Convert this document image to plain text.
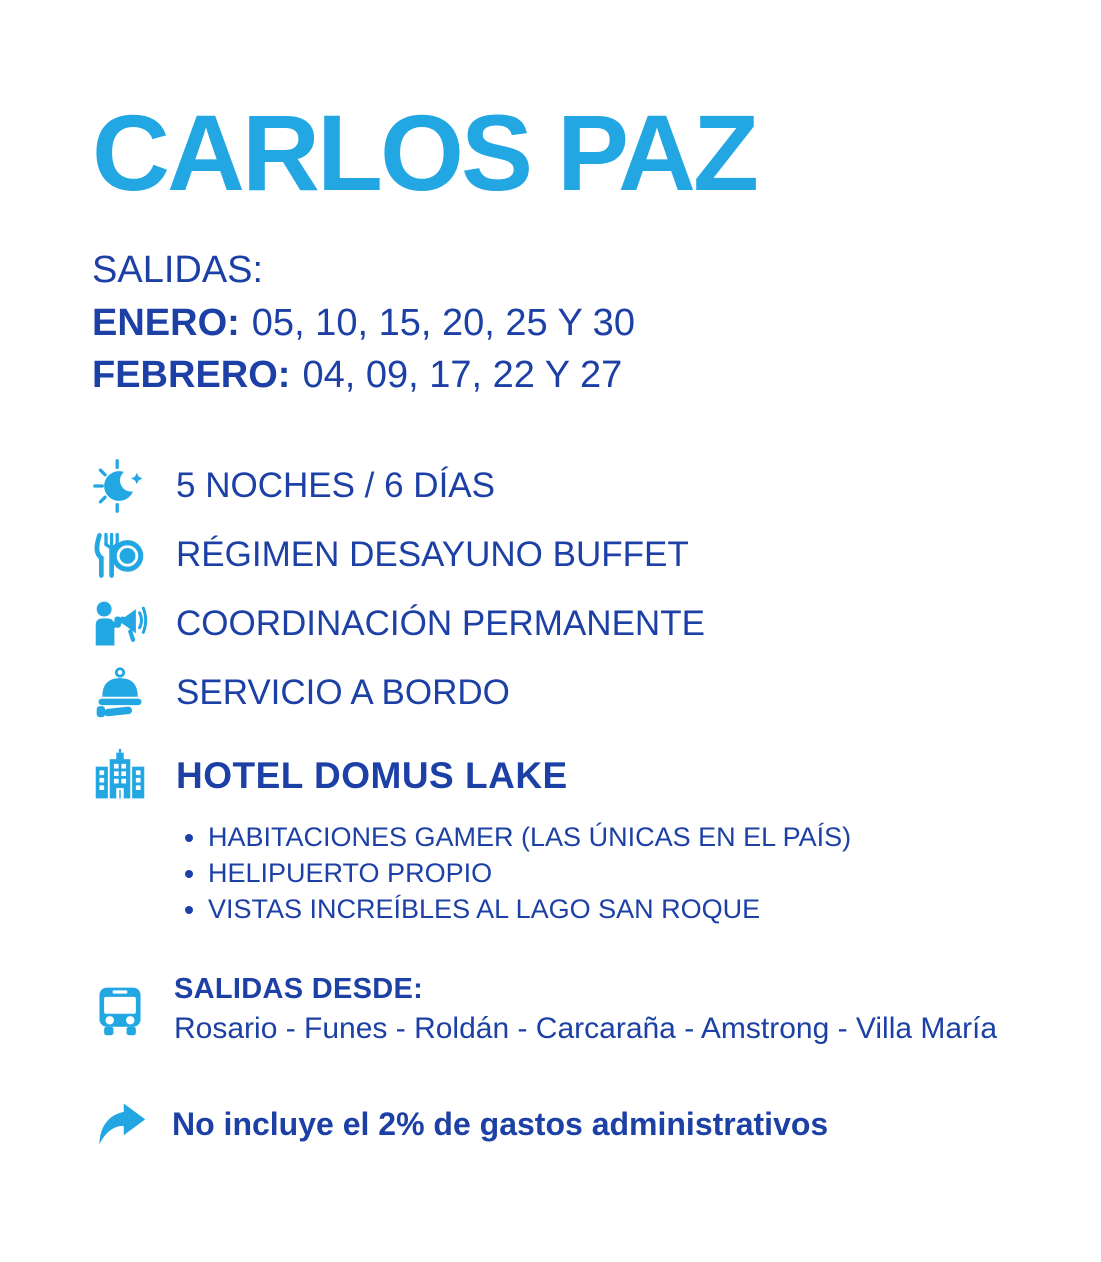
CARLOS PAZ
SALIDAS:
ENERO: 05, 10, 15, 20, 25 Y 30
FEBRERO: 04, 09, 17, 22 Y 27
5 NOCHES / 6 DÍAS
RÉGIMEN DESAYUNO BUFFET
COORDINACIÓN PERMANENTE
SERVICIO A BORDO
HOTEL DOMUS LAKE
• HABITACIONES GAMER (LAS ÚNICAS EN EL PAÍS)
• HELIPUERTO PROPIO
• VISTAS INCREÍBLES AL LAGO SAN ROQUE
SALIDAS DESDE:
Rosario - Funes - Roldán - Carcaraña - Amstrong - Villa María
No incluye el 2% de gastos administrativos
